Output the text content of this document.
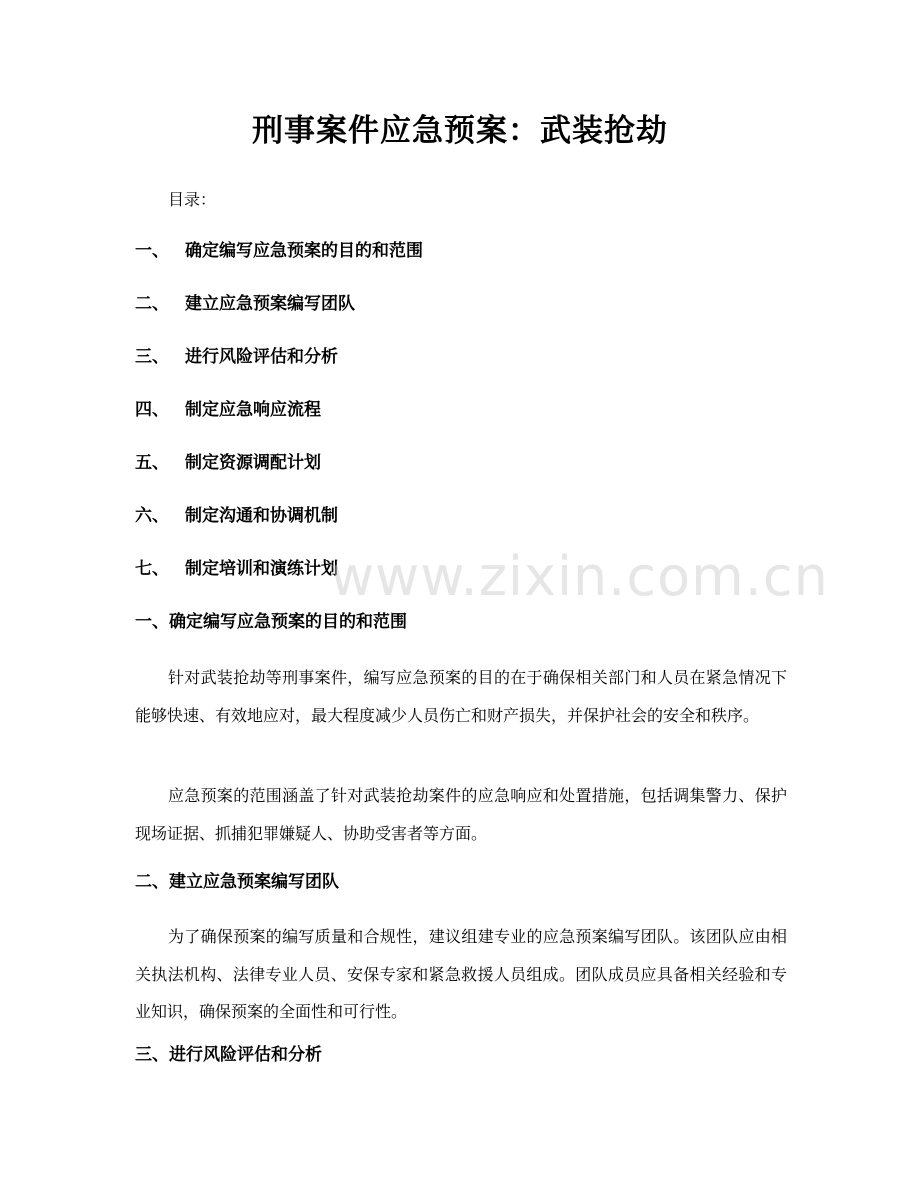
刑事案件应急预案：武装抢劫
目录：
一、 确定编写应急预案的目的和范围
二、 建立应急预案编写团队
三、 进行风险评估和分析
四、 制定应急响应流程
五、 制定资源调配计划
六、 制定沟通和协调机制
七、 制定培训和演练计划
一、确定编写应急预案的目的和范围

针对武装抢劫等刑事案件，编写应急预案的目的在于确保相关部门和人员在紧急情况下能够快速、有效地应对，最大程度减少人员伤亡和财产损失，并保护社会的安全和秩序。

应急预案的范围涵盖了针对武装抢劫案件的应急响应和处置措施，包括调集警力、保护现场证据、抓捕犯罪嫌疑人、协助受害者等方面。

二、建立应急预案编写团队

为了确保预案的编写质量和合规性，建议组建专业的应急预案编写团队。该团队应由相关执法机构、法律专业人员、安保专家和紧急救援人员组成。团队成员应具备相关经验和专业知识，确保预案的全面性和可行性。

三、进行风险评估和分析
www.zixin.com.cn
